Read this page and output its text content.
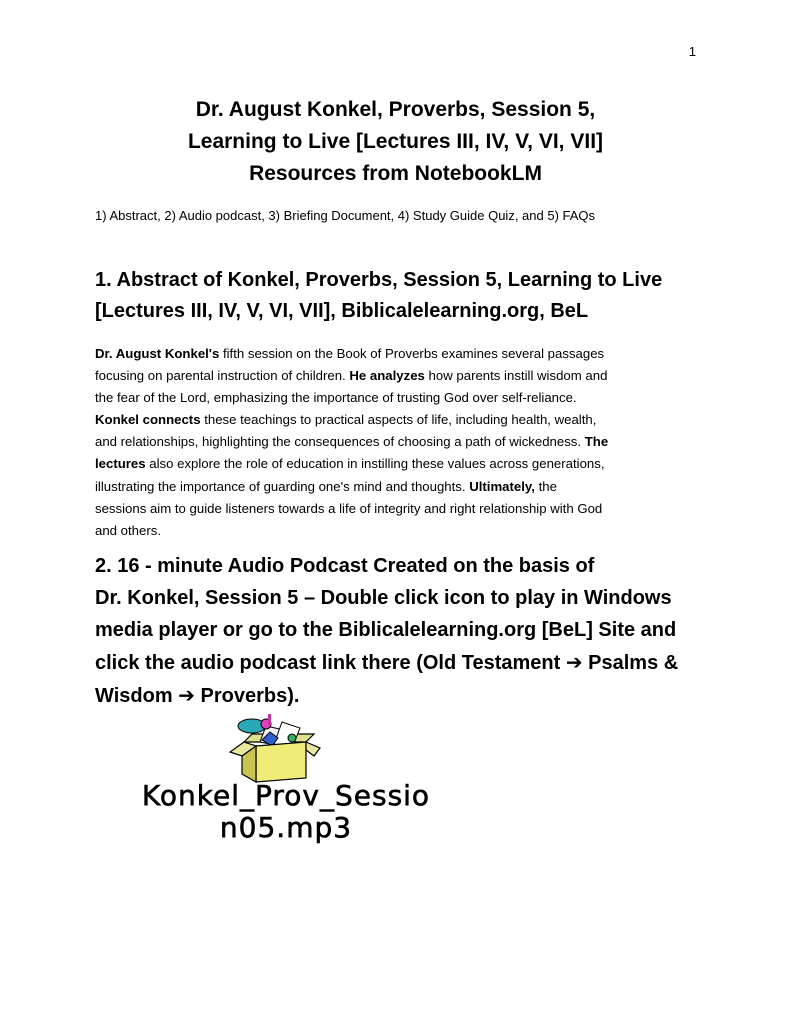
1
Dr. August Konkel, Proverbs, Session 5,
Learning to Live [Lectures III, IV, V, VI, VII]
Resources from NotebookLM
1) Abstract, 2) Audio podcast, 3) Briefing Document, 4) Study Guide Quiz, and 5) FAQs
1. Abstract of Konkel, Proverbs, Session 5, Learning to Live
[Lectures III, IV, V, VI, VII], Biblicalelearning.org, BeL
Dr. August Konkel's fifth session on the Book of Proverbs examines several passages
focusing on parental instruction of children. He analyzes how parents instill wisdom and
the fear of the Lord, emphasizing the importance of trusting God over self-reliance.
Konkel connects these teachings to practical aspects of life, including health, wealth,
and relationships, highlighting the consequences of choosing a path of wickedness. The
lectures also explore the role of education in instilling these values across generations,
illustrating the importance of guarding one's mind and thoughts. Ultimately, the
sessions aim to guide listeners towards a life of integrity and right relationship with God
and others.
2. 16 - minute Audio Podcast Created on the basis of
Dr. Konkel, Session 5 – Double click icon to play in Windows
media player or go to the Biblicalelearning.org [BeL] Site and
click the audio podcast link there (Old Testament ➔ Psalms &
Wisdom ➔ Proverbs).
Konkel_Prov_Sessio
n05.mp3
